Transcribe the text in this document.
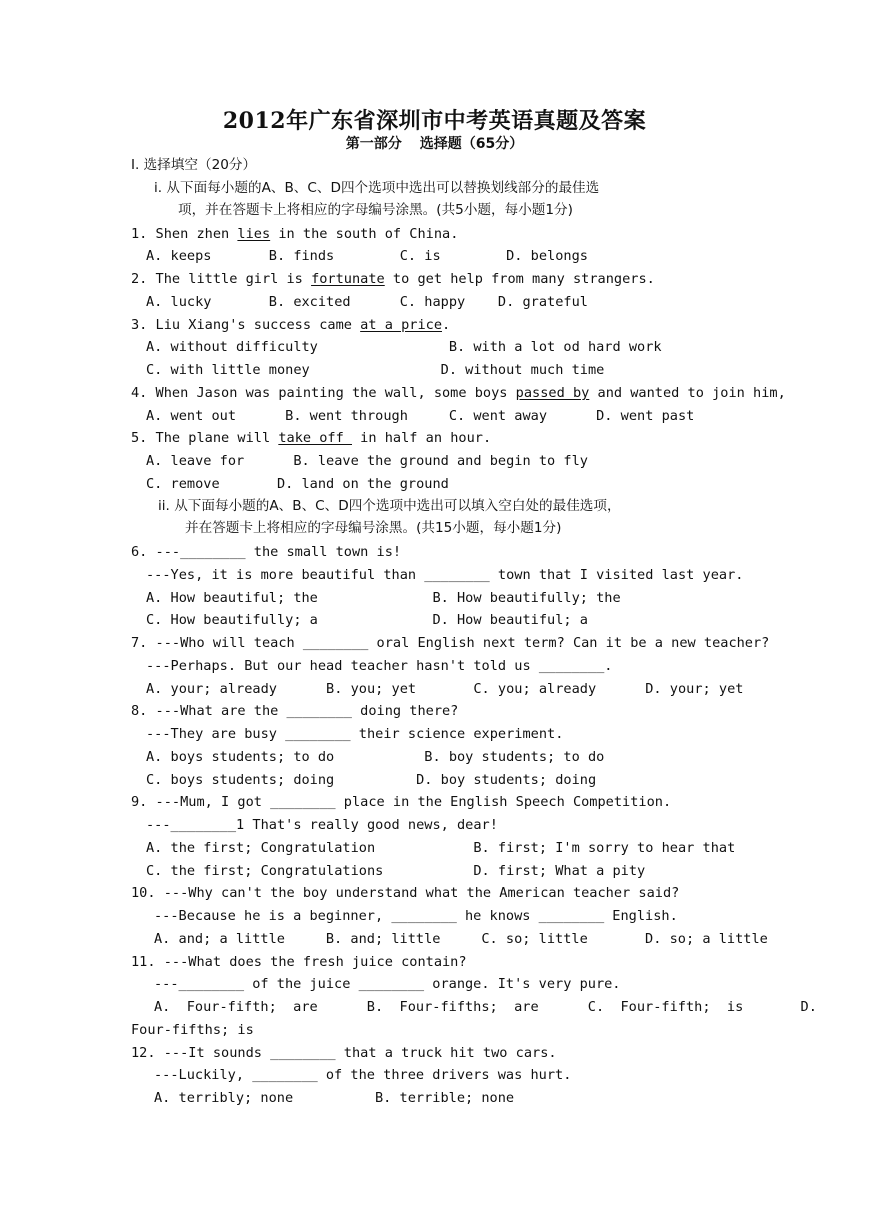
2012年广东省深圳市中考英语真题及答案
第一部分 选择题（65分）
I. 选择填空（20分）
i. 从下面每小题的A、B、C、D四个选项中选出可以替换划线部分的最佳选
项，并在答题卡上将相应的字母编号涂黑。(共5小题，每小题1分)
1. Shen zhen lies in the south of China.
A. keeps       B. finds        C. is        D. belongs
2. The little girl is fortunate to get help from many strangers.
A. lucky       B. excited      C. happy    D. grateful
3. Liu Xiang's success came at a price.
A. without difficulty                B. with a lot od hard work
C. with little money                D. without much time
4. When Jason was painting the wall, some boys passed by and wanted to join him,
A. went out      B. went through     C. went away      D. went past
5. The plane will take off  in half an hour.
A. leave for      B. leave the ground and begin to fly
C. remove       D. land on the ground
ii. 从下面每小题的A、B、C、D四个选项中选出可以填入空白处的最佳选项，
并在答题卡上将相应的字母编号涂黑。(共15小题，每小题1分)
6. ---________ the small town is!
---Yes, it is more beautiful than ________ town that I visited last year.
A. How beautiful; the              B. How beautifully; the
C. How beautifully; a              D. How beautiful; a
7. ---Who will teach ________ oral English next term? Can it be a new teacher?
---Perhaps. But our head teacher hasn't told us ________.
A. your; already      B. you; yet       C. you; already      D. your; yet
8. ---What are the ________ doing there?
---They are busy ________ their science experiment.
A. boys students; to do           B. boy students; to do
C. boys students; doing          D. boy students; doing
9. ---Mum, I got ________ place in the English Speech Competition.
---________1 That's really good news, dear!
A. the first; Congratulation            B. first; I'm sorry to hear that
C. the first; Congratulations           D. first; What a pity
10. ---Why can't the boy understand what the American teacher said?
---Because he is a beginner, ________ he knows ________ English.
A. and; a little     B. and; little     C. so; little       D. so; a little
11. ---What does the fresh juice contain?
---________ of the juice ________ orange. It's very pure.
A.  Four-fifth;  are      B.  Four-fifths;  are      C.  Four-fifth;  is       D.
Four-fifths; is
12. ---It sounds ________ that a truck hit two cars.
---Luckily, ________ of the three drivers was hurt.
A. terribly; none          B. terrible; none
